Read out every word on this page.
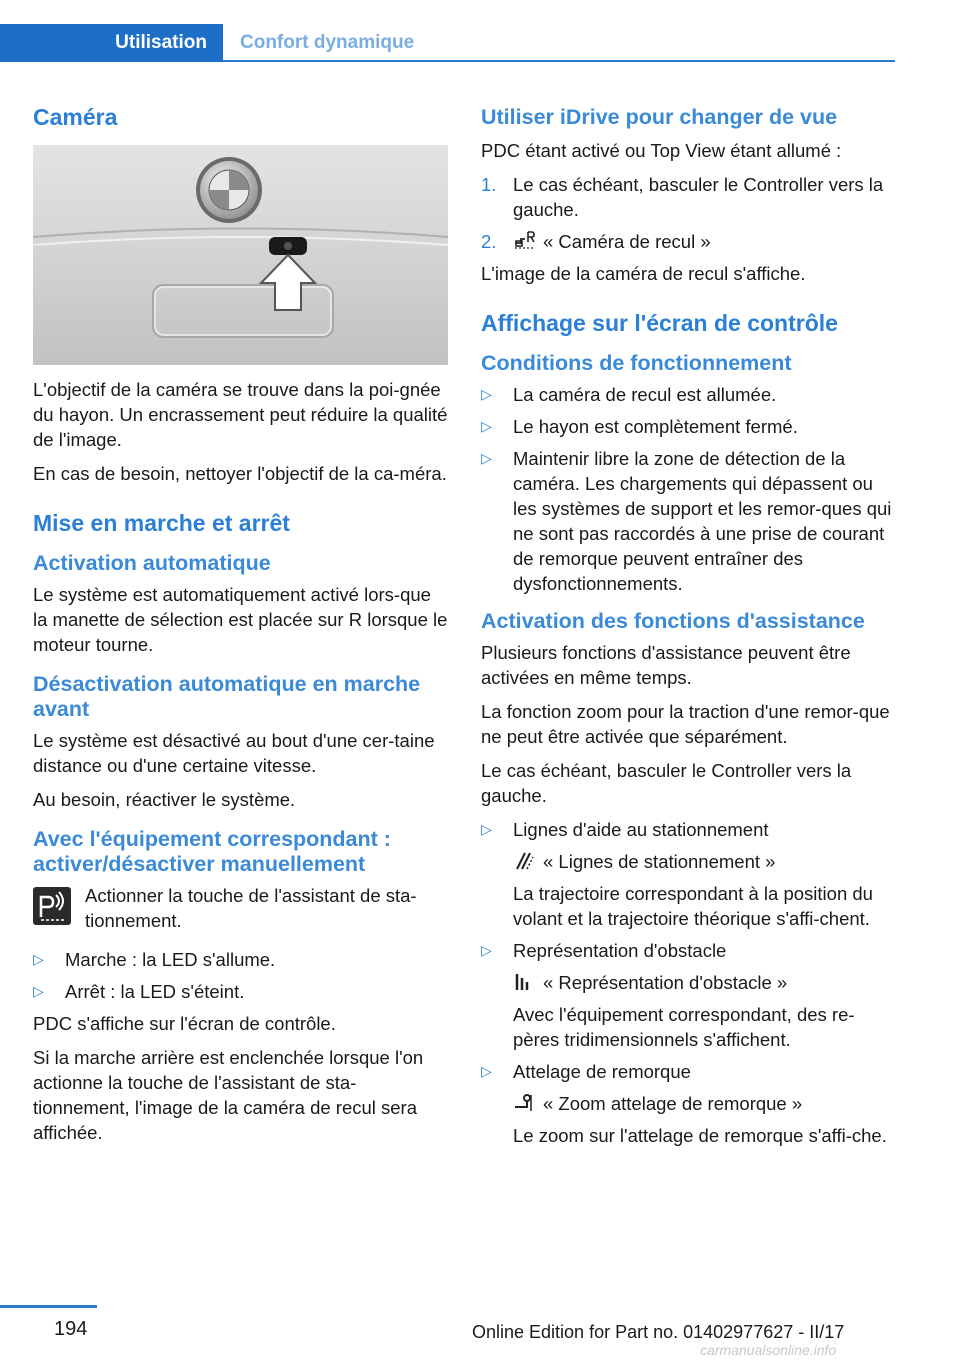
Utilisation	Confort dynamique
Caméra

L'objectif de la caméra se trouve dans la poi‐gnée du hayon. Un encrassement peut réduire la qualité de l'image.

En cas de besoin, nettoyer l'objectif de la ca‐méra.

Mise en marche et arrêt
Activation automatique

Le système est automatiquement activé lors‐que la manette de sélection est placée sur R lorsque le moteur tourne.

Désactivation automatique en marche avant

Le système est désactivé au bout d'une cer‐taine distance ou d'une certaine vitesse.

Au besoin, réactiver le système.

Avec l'équipement correspondant : activer/désactiver manuellement

Actionner la touche de l'assistant de sta‐tionnement.

▷ Marche : la LED s'allume.
▷ Arrêt : la LED s'éteint.

PDC s'affiche sur l'écran de contrôle.

Si la marche arrière est enclenchée lorsque l'on actionne la touche de l'assistant de sta‐tionnement, l'image de la caméra de recul sera affichée.

Utiliser iDrive pour changer de vue

PDC étant activé ou Top View étant allumé :

1. Le cas échéant, basculer le Controller vers la gauche.
2.	« Caméra de recul »

L'image de la caméra de recul s'affiche.

Affichage sur l'écran de contrôle
Conditions de fonctionnement
▷ La caméra de recul est allumée.
▷ Le hayon est complètement fermé.
▷ Maintenir libre la zone de détection de la caméra. Les chargements qui dépassent ou les systèmes de support et les remor‐ques qui ne sont pas raccordés à une prise de courant de remorque peuvent entraîner des dysfonctionnements.
Activation des fonctions d'assistance

Plusieurs fonctions d'assistance peuvent être activées en même temps.

La fonction zoom pour la traction d'une remor‐que ne peut être activée que séparément.

Le cas échéant, basculer le Controller vers la gauche.

▷ Lignes d'aide au stationnement
« Lignes de stationnement »
La trajectoire correspondant à la position du volant et la trajectoire théorique s'affi‐chent.
▷ Représentation d'obstacle
« Représentation d'obstacle »
Avec l'équipement correspondant, des re‐pères tridimensionnels s'affichent.
▷ Attelage de remorque
« Zoom attelage de remorque »
Le zoom sur l'attelage de remorque s'affi‐che.
194	Online Edition for Part no. 01402977627 - II/17
carmanualsonline.info
